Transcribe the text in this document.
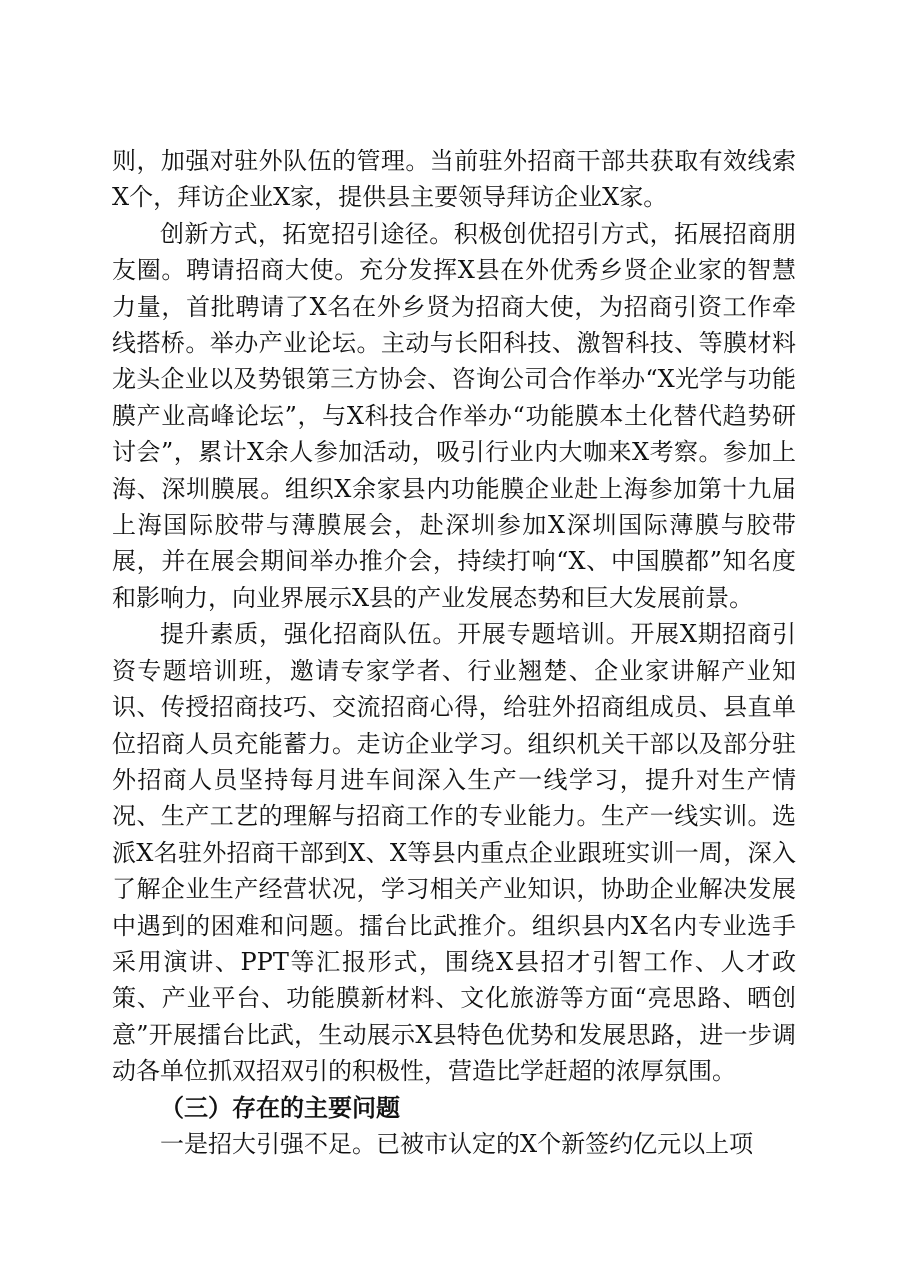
则，加强对驻外队伍的管理。当前驻外招商干部共获取有效线索X个，拜访企业X家，提供县主要领导拜访企业X家。

创新方式，拓宽招引途径。积极创优招引方式，拓展招商朋友圈。聘请招商大使。充分发挥X县在外优秀乡贤企业家的智慧力量，首批聘请了X名在外乡贤为招商大使，为招商引资工作牵线搭桥。举办产业论坛。主动与长阳科技、激智科技、等膜材料龙头企业以及势银第三方协会、咨询公司合作举办“X光学与功能膜产业高峰论坛”，与X科技合作举办“功能膜本土化替代趋势研讨会”，累计X余人参加活动，吸引行业内大咖来X考察。参加上海、深圳膜展。组织X余家县内功能膜企业赴上海参加第十九届上海国际胶带与薄膜展会，赴深圳参加X深圳国际薄膜与胶带展，并在展会期间举办推介会，持续打响“X、中国膜都”知名度和影响力，向业界展示X县的产业发展态势和巨大发展前景。

提升素质，强化招商队伍。开展专题培训。开展X期招商引资专题培训班，邀请专家学者、行业翘楚、企业家讲解产业知识、传授招商技巧、交流招商心得，给驻外招商组成员、县直单位招商人员充能蓄力。走访企业学习。组织机关干部以及部分驻外招商人员坚持每月进车间深入生产一线学习，提升对生产情况、生产工艺的理解与招商工作的专业能力。生产一线实训。选派X名驻外招商干部到X、X等县内重点企业跟班实训一周，深入了解企业生产经营状况，学习相关产业知识，协助企业解决发展中遇到的困难和问题。擂台比武推介。组织县内X名内专业选手采用演讲、PPT等汇报形式，围绕X县招才引智工作、人才政策、产业平台、功能膜新材料、文化旅游等方面“亮思路、晒创意”开展擂台比武，生动展示X县特色优势和发展思路，进一步调动各单位抓双招双引的积极性，营造比学赶超的浓厚氛围。

（三）存在的主要问题

一是招大引强不足。已被市认定的X个新签约亿元以上项
